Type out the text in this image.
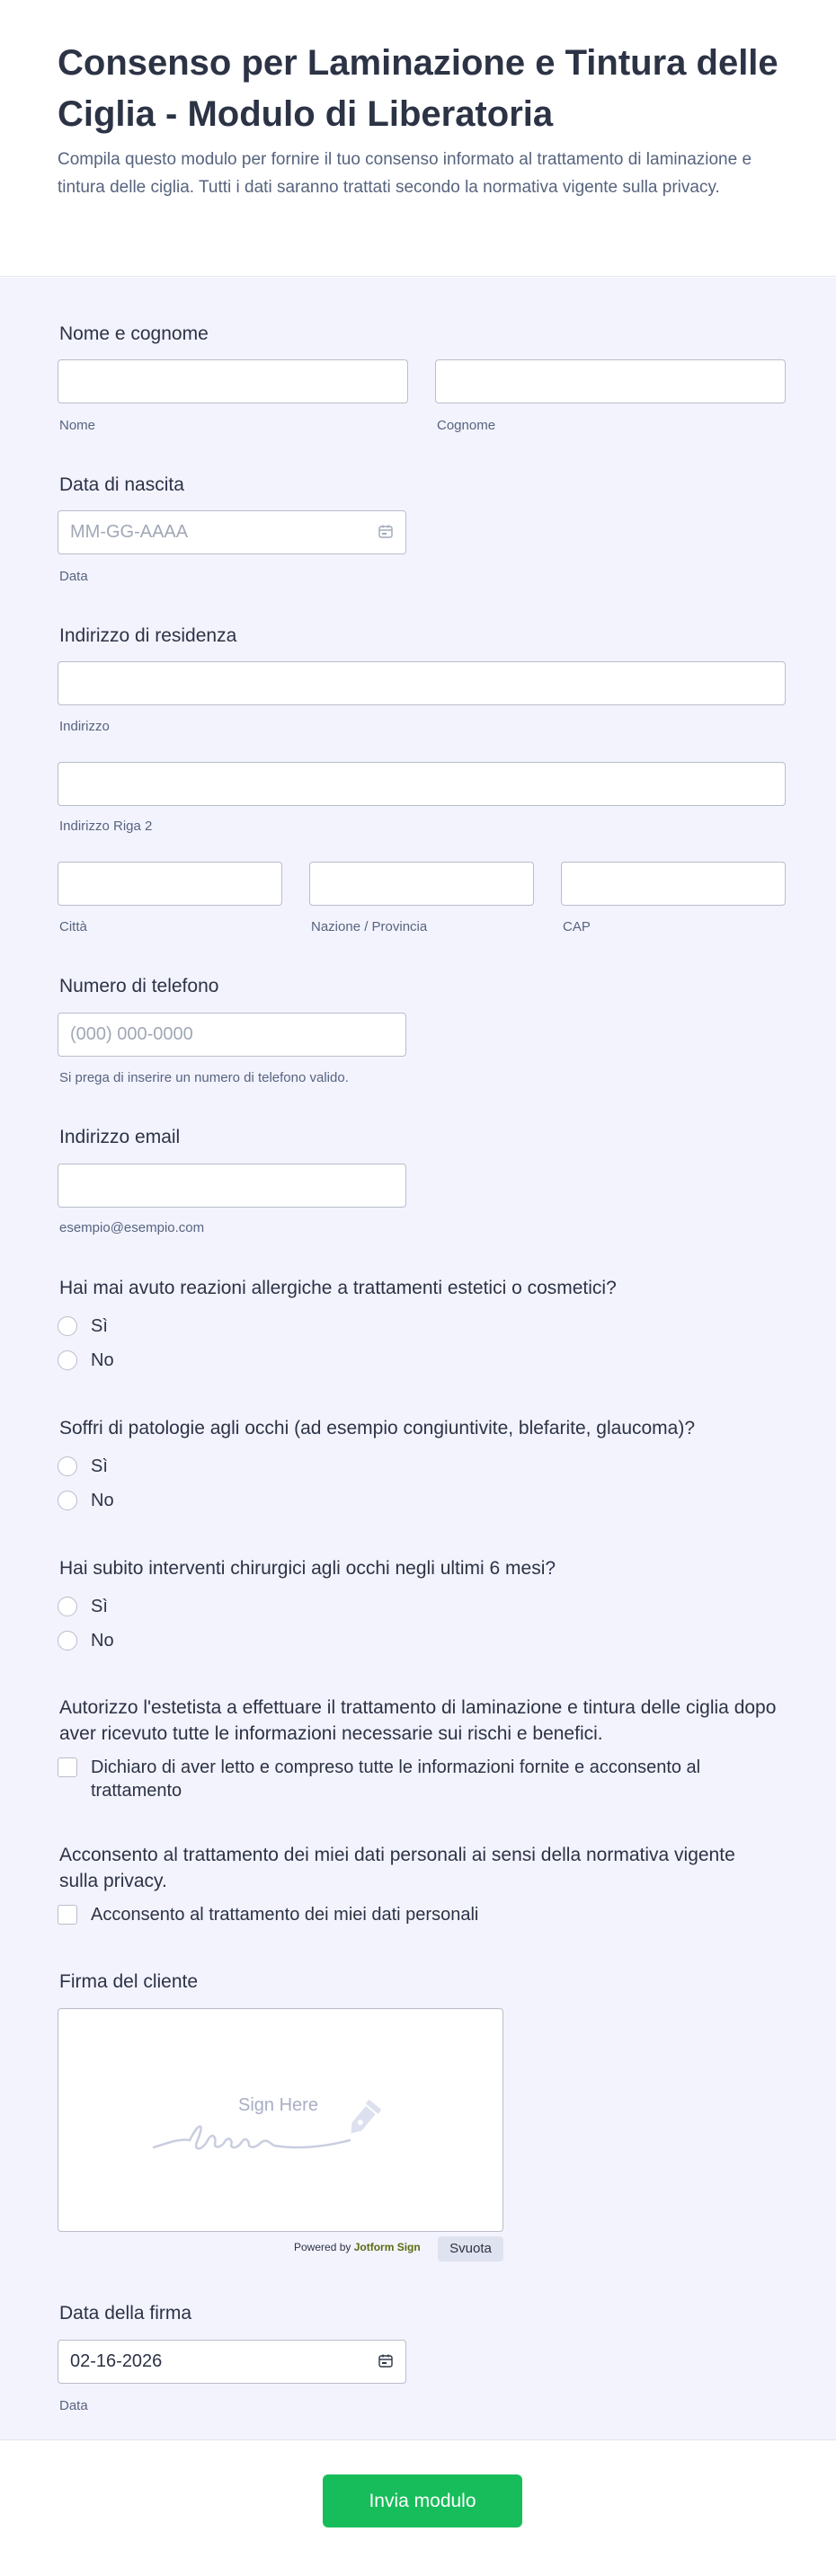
Consenso per Laminazione e Tintura delle Ciglia - Modulo di Liberatoria

Compila questo modulo per fornire il tuo consenso informato al trattamento di laminazione e tintura delle ciglia. Tutti i dati saranno trattati secondo la normativa vigente sulla privacy.

Nome e cognome
Nome	Cognome
Data di nascita
MM-GG-AAAA
Data
Indirizzo di residenza
Indirizzo
Indirizzo Riga 2
Città	Nazione / Provincia	CAP
Numero di telefono
(000) 000-0000
Si prega di inserire un numero di telefono valido.
Indirizzo email
esempio@esempio.com
Hai mai avuto reazioni allergiche a trattamenti estetici o cosmetici?
Sì
No
Soffri di patologie agli occhi (ad esempio congiuntivite, blefarite, glaucoma)?
Sì
No
Hai subito interventi chirurgici agli occhi negli ultimi 6 mesi?
Sì
No
Autorizzo l'estetista a effettuare il trattamento di laminazione e tintura delle ciglia dopo aver ricevuto tutte le informazioni necessarie sui rischi e benefici.
Dichiaro di aver letto e compreso tutte le informazioni fornite e acconsento al trattamento
Acconsento al trattamento dei miei dati personali ai sensi della normativa vigente sulla privacy.
Acconsento al trattamento dei miei dati personali
Firma del cliente
Sign Here
Powered by Jotform Sign	Svuota
Data della firma
02-16-2026
Data
Invia modulo
